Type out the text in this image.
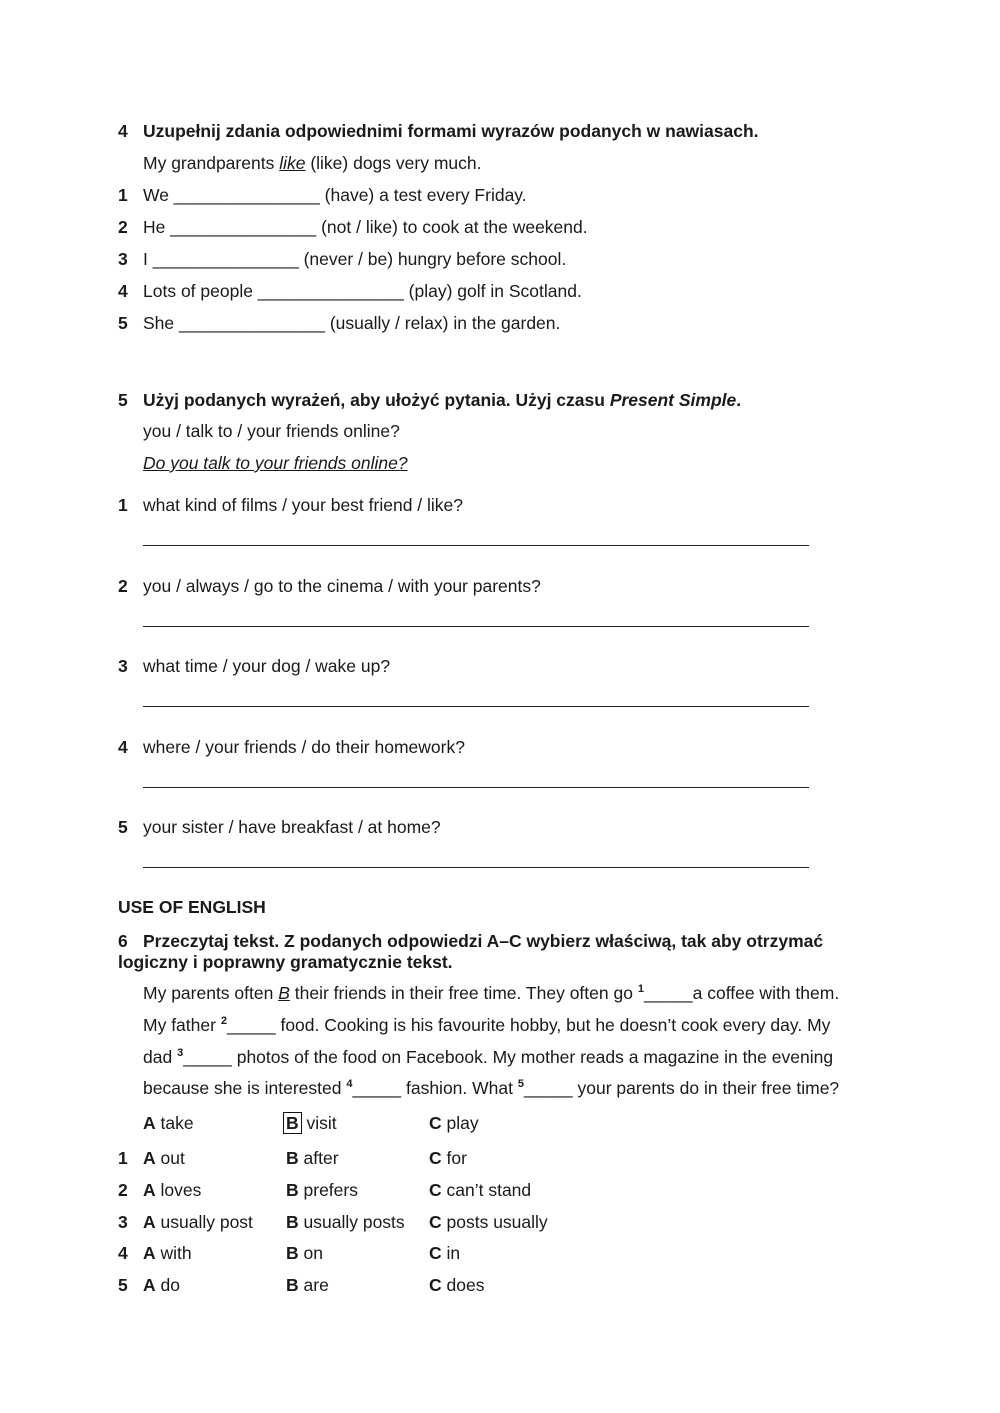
4 Uzupełnij zdania odpowiednimi formami wyrazów podanych w nawiasach.
My grandparents like (like) dogs very much.
1 We _______________ (have) a test every Friday.
2 He _______________ (not / like) to cook at the weekend.
3 I _______________ (never / be) hungry before school.
4 Lots of people _______________ (play) golf in Scotland.
5 She _______________ (usually / relax) in the garden.
5 Użyj podanych wyrażeń, aby ułożyć pytania. Użyj czasu Present Simple.
you / talk to / your friends online?
Do you talk to your friends online?
1 what kind of films / your best friend / like?
2 you / always / go to the cinema / with your parents?
3 what time / your dog / wake up?
4 where / your friends / do their homework?
5 your sister / have breakfast / at home?
USE OF ENGLISH
6 Przeczytaj tekst. Z podanych odpowiedzi A–C wybierz właściwą, tak aby otrzymać
logiczny i poprawny gramatycznie tekst.
My parents often B their friends in their free time. They often go $^1$_____a coffee with them.
My father $^2$_____ food. Cooking is his favourite hobby, but he doesn’t cook every day. My
dad $^3$_____ photos of the food on Facebook. My mother reads a magazine in the evening
because she is interested $^4$_____ fashion. What $^5$_____ your parents do in their free time?
A take	B visit	C play
1 A out	B after	C for
2 A loves	B prefers	C can’t stand
3 A usually post B usually posts C posts usually
4 A with	B on	C in
5 A do	B are	C does
